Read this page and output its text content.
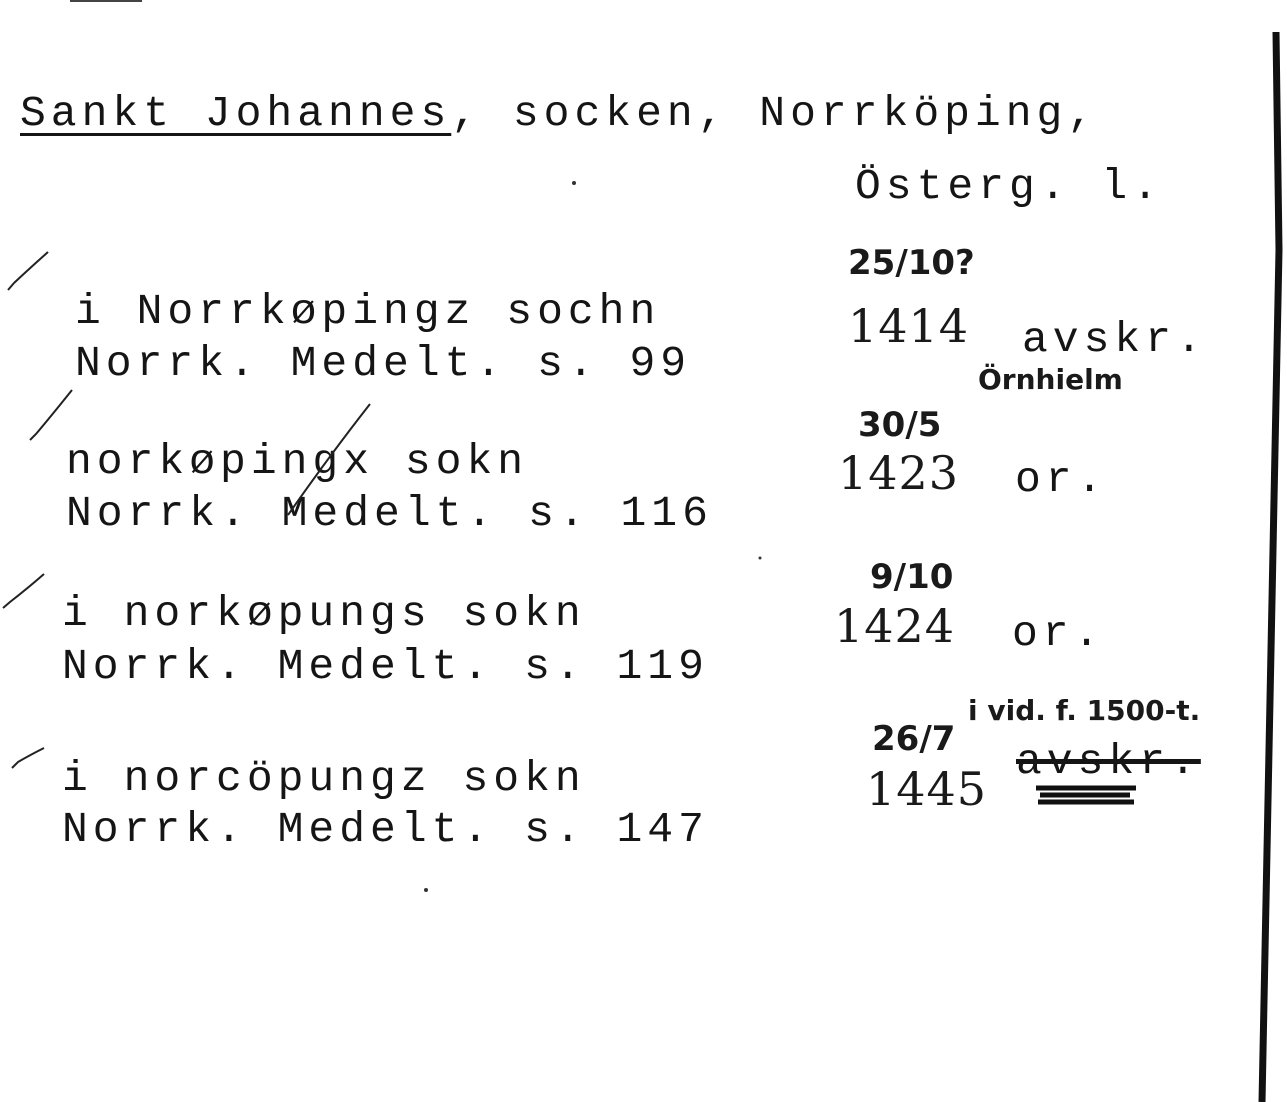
Sankt Johannes, socken, Norrköping,
Österg. l.
25/10?
i Norrkøpingz sochn
Norrk. Medelt. s. 99
1414 avskr.
Örnhielm
30/5
norkøpingx sokn
Norrk. Medelt. s. 116
1423 or.
9/10
i norkøpungs sokn
Norrk. Medelt. s. 119
1424 or.
i vid. f. 1500-t.
26/7
i norcöpungz sokn
Norrk. Medelt. s. 147
1445
avskr.
